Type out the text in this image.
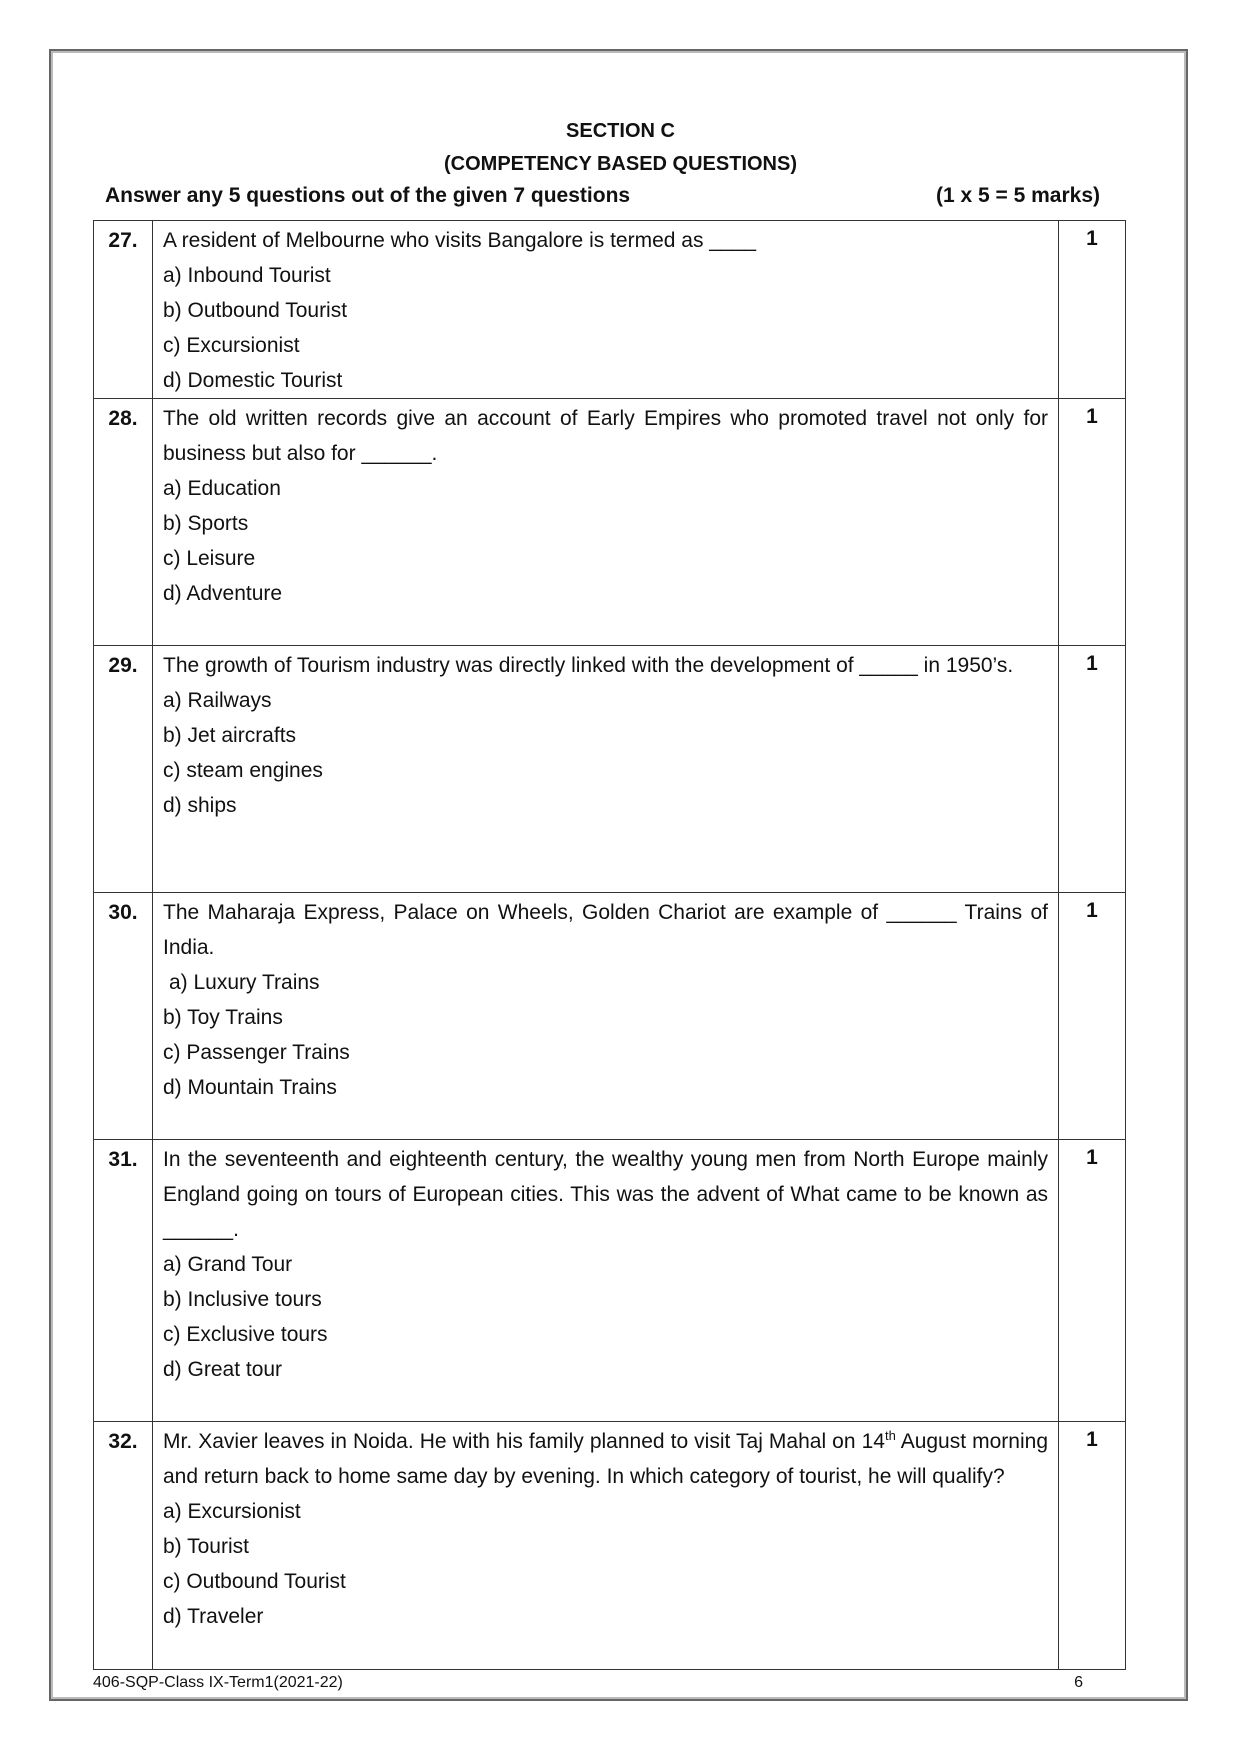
SECTION C
(COMPETENCY BASED QUESTIONS)
Answer any 5 questions out of the given 7 questions	(1 x 5 = 5 marks)
27.	A resident of Melbourne who visits Bangalore is termed as ____
a) Inbound Tourist
b) Outbound Tourist
c) Excursionist
d) Domestic Tourist	1
28.	The old written records give an account of Early Empires who promoted travel not only for business but also for ______.
a) Education
b) Sports
c) Leisure
d) Adventure	1
29.	The growth of Tourism industry was directly linked with the development of _____ in 1950’s.
a) Railways
b) Jet aircrafts
c) steam engines
d) ships	1
30.	The Maharaja Express, Palace on Wheels, Golden Chariot are example of ______ Trains of India.
a) Luxury Trains
b) Toy Trains
c) Passenger Trains
d) Mountain Trains	1
31.	In the seventeenth and eighteenth century, the wealthy young men from North Europe mainly England going on tours of European cities. This was the advent of What came to be known as ______.
a) Grand Tour
b) Inclusive tours
c) Exclusive tours
d) Great tour	1
32.	Mr. Xavier leaves in Noida. He with his family planned to visit Taj Mahal on 14th August morning and return back to home same day by evening. In which category of tourist, he will qualify?
a) Excursionist
b) Tourist
c) Outbound Tourist
d) Traveler	1
406-SQP-Class IX-Term1(2021-22)	6
